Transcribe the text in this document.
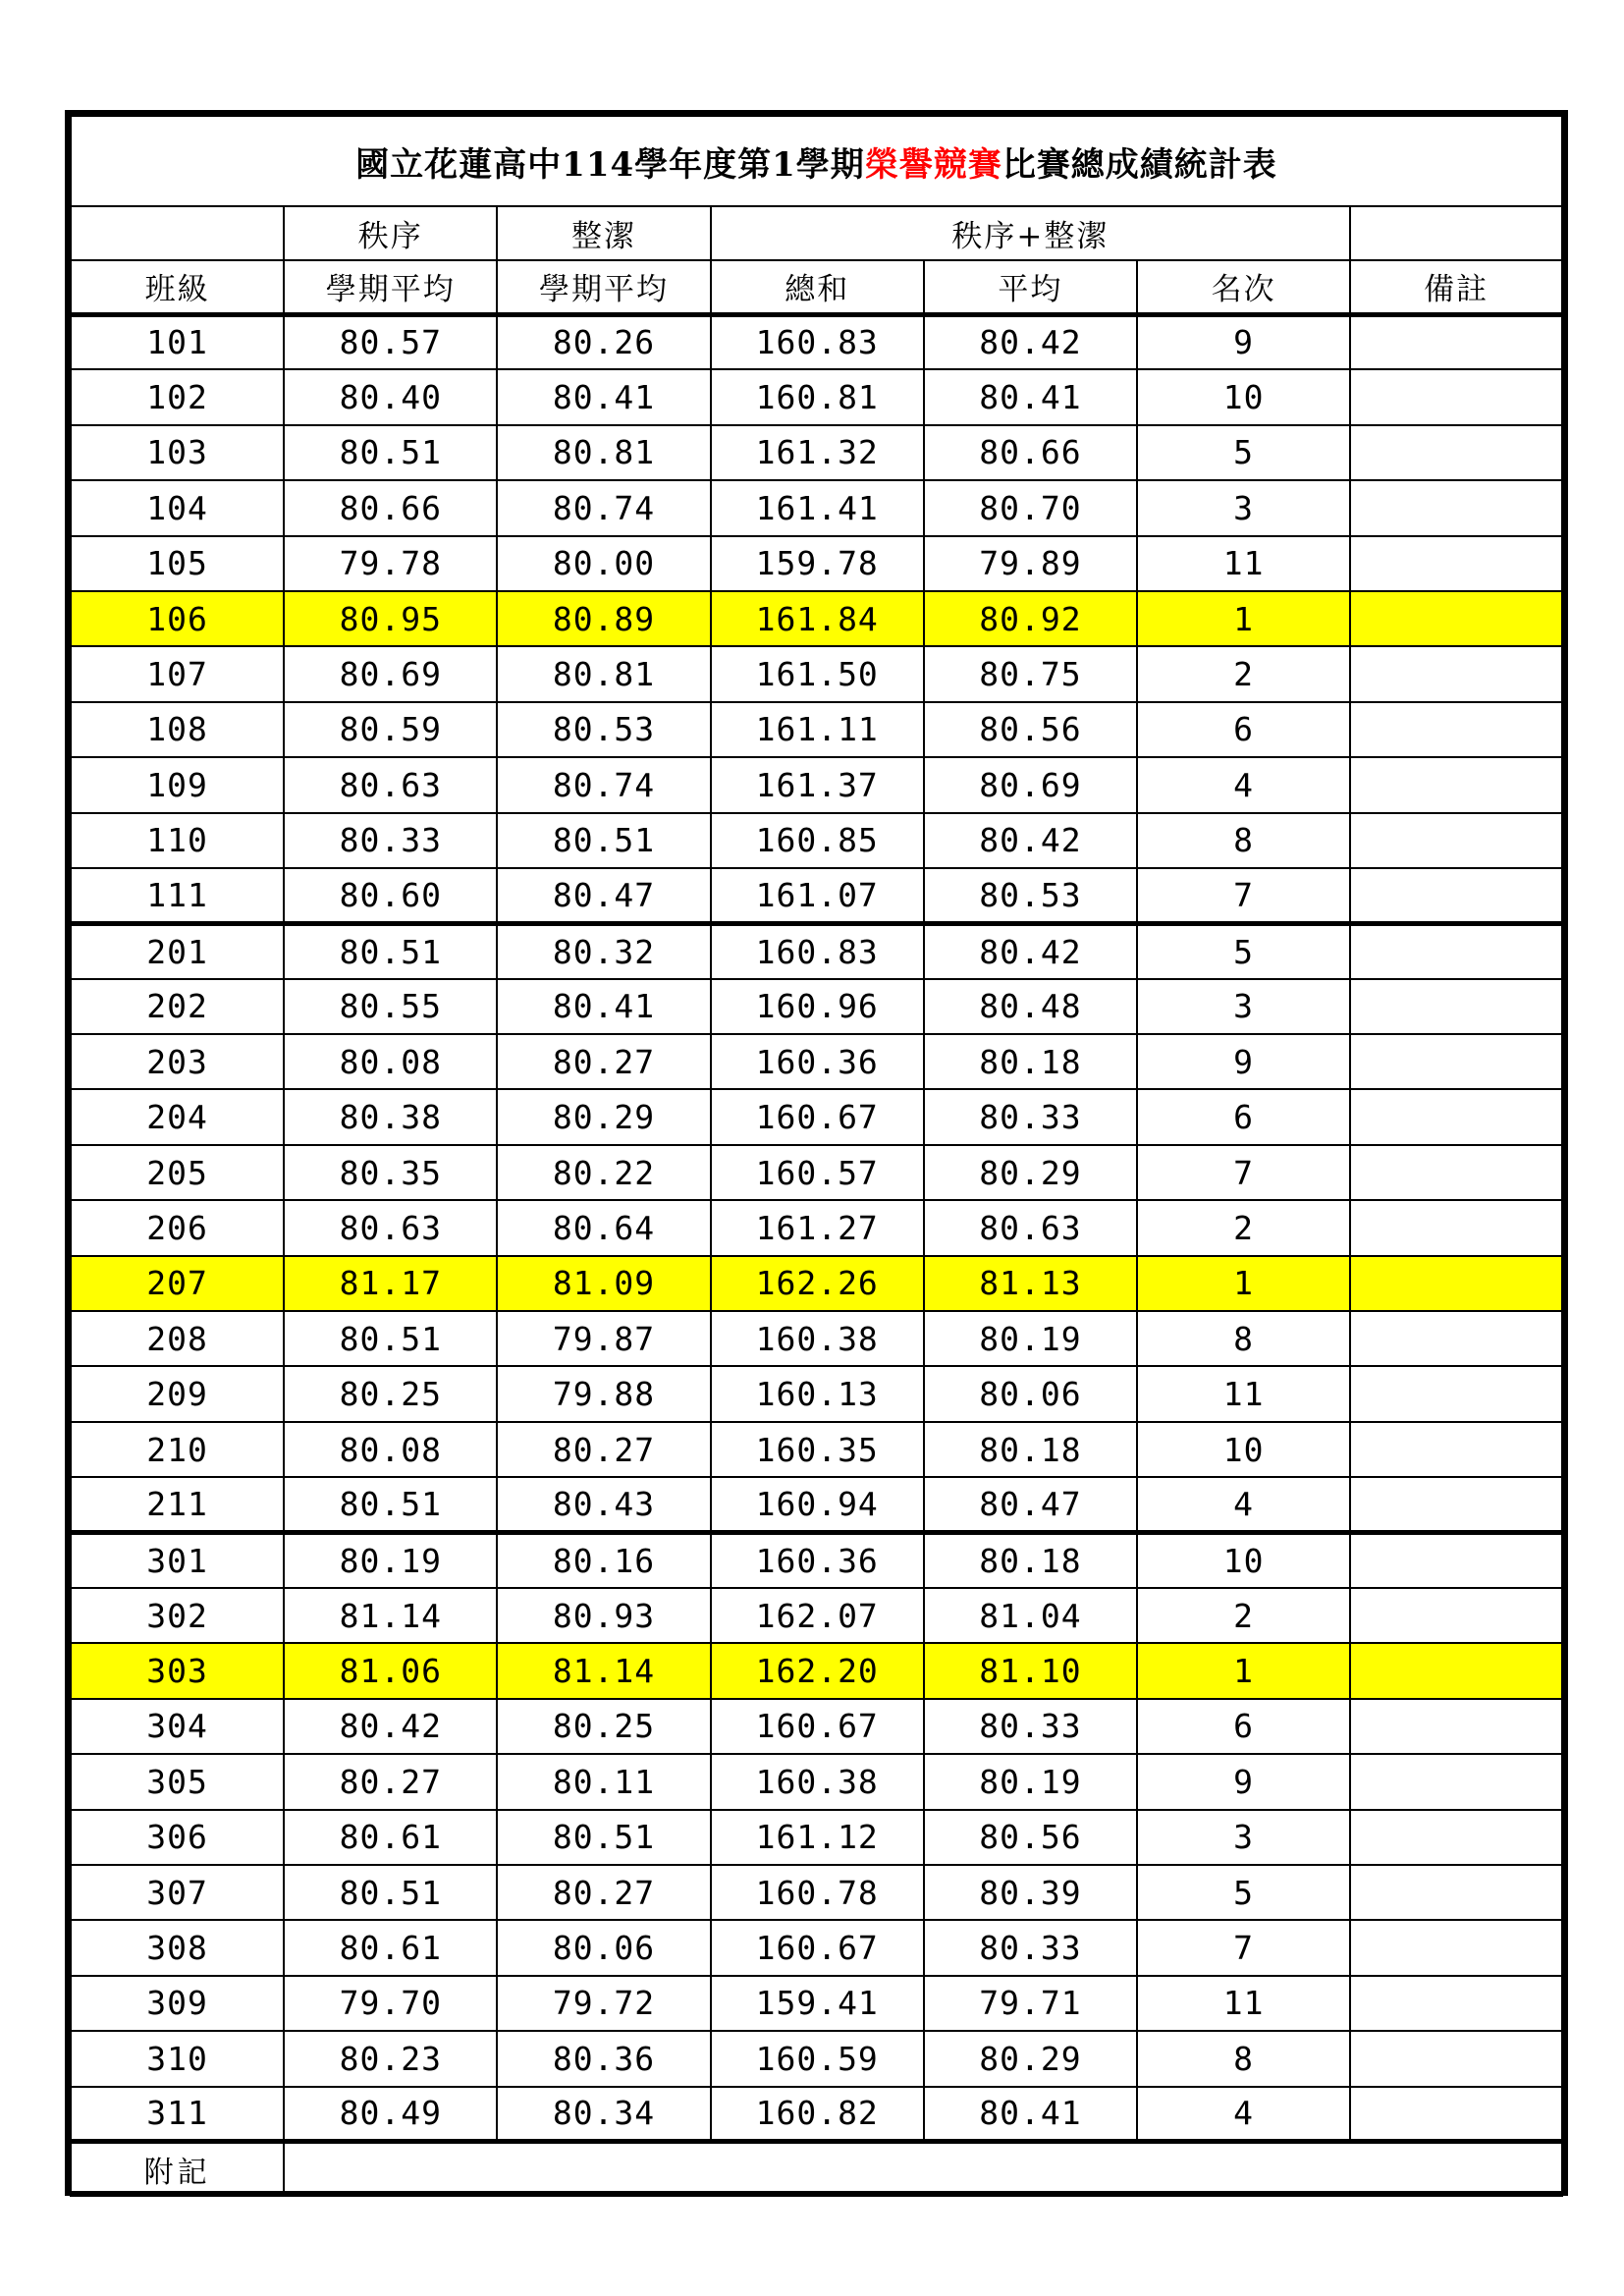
國立花蓮高中114學年度第1學期榮譽競賽比賽總成績統計表						
	秩序	整潔	秩序+整潔			
班級	學期平均	學期平均	總和	平均	名次	備註
101	80.57	80.26	160.83	80.42	9	
102	80.40	80.41	160.81	80.41	10	
103	80.51	80.81	161.32	80.66	5	
104	80.66	80.74	161.41	80.70	3	
105	79.78	80.00	159.78	79.89	11	
106	80.95	80.89	161.84	80.92	1	
107	80.69	80.81	161.50	80.75	2	
108	80.59	80.53	161.11	80.56	6	
109	80.63	80.74	161.37	80.69	4	
110	80.33	80.51	160.85	80.42	8	
111	80.60	80.47	161.07	80.53	7	
201	80.51	80.32	160.83	80.42	5	
202	80.55	80.41	160.96	80.48	3	
203	80.08	80.27	160.36	80.18	9	
204	80.38	80.29	160.67	80.33	6	
205	80.35	80.22	160.57	80.29	7	
206	80.63	80.64	161.27	80.63	2	
207	81.17	81.09	162.26	81.13	1	
208	80.51	79.87	160.38	80.19	8	
209	80.25	79.88	160.13	80.06	11	
210	80.08	80.27	160.35	80.18	10	
211	80.51	80.43	160.94	80.47	4	
301	80.19	80.16	160.36	80.18	10	
302	81.14	80.93	162.07	81.04	2	
303	81.06	81.14	162.20	81.10	1	
304	80.42	80.25	160.67	80.33	6	
305	80.27	80.11	160.38	80.19	9	
306	80.61	80.51	161.12	80.56	3	
307	80.51	80.27	160.78	80.39	5	
308	80.61	80.06	160.67	80.33	7	
309	79.70	79.72	159.41	79.71	11	
310	80.23	80.36	160.59	80.29	8	
311	80.49	80.34	160.82	80.41	4	
附記						
